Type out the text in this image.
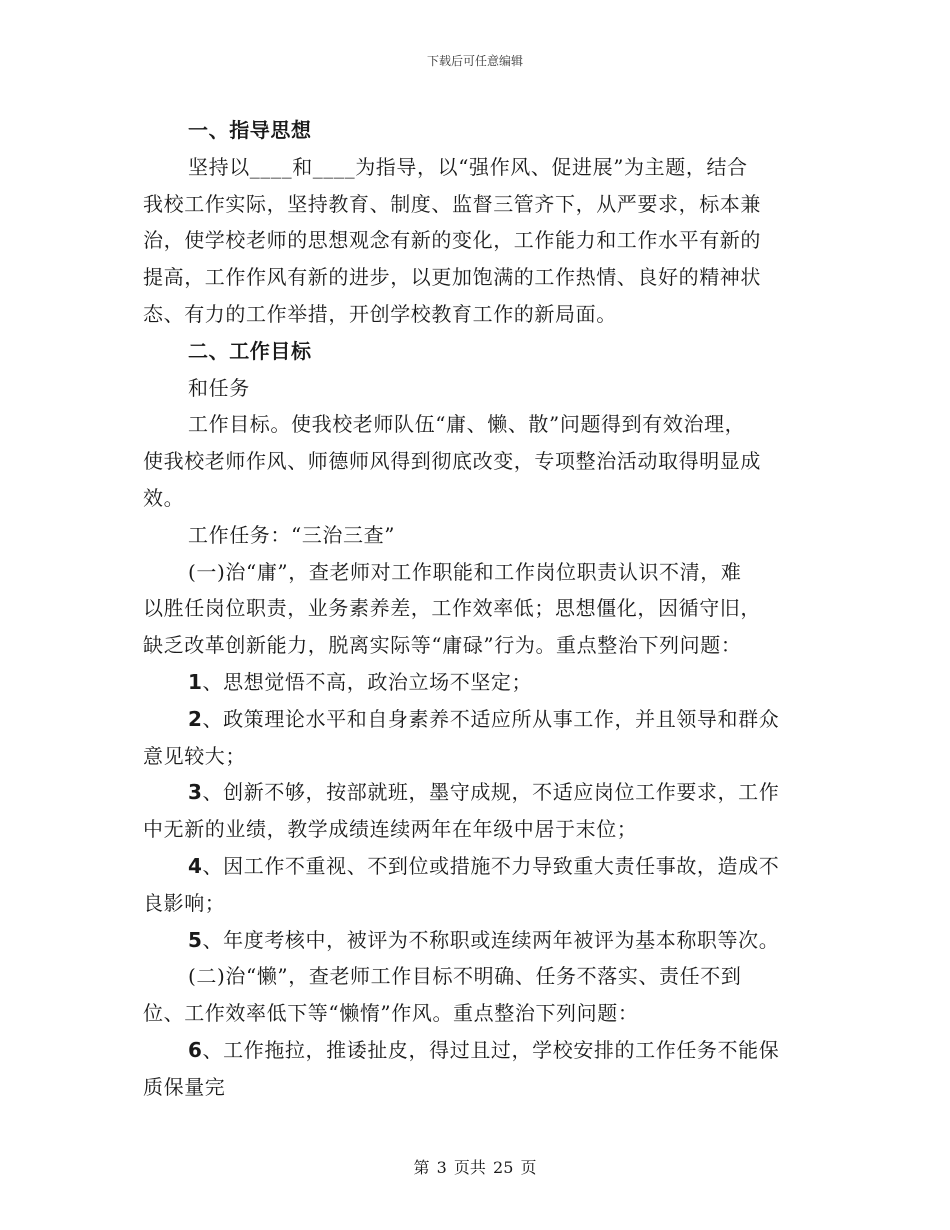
下载后可任意编辑
一、指导思想
坚持以____和____为指导，以“强作风、促进展”为主题，结合
我校工作实际，坚持教育、制度、监督三管齐下，从严要求，标本兼
治，使学校老师的思想观念有新的变化，工作能力和工作水平有新的
提高，工作作风有新的进步，以更加饱满的工作热情、良好的精神状
态、有力的工作举措，开创学校教育工作的新局面。
二、工作目标
和任务
工作目标。使我校老师队伍“庸、懒、散”问题得到有效治理，
使我校老师作风、师德师风得到彻底改变，专项整治活动取得明显成
效。
工作任务：“三治三查”
(一)治“庸”，查老师对工作职能和工作岗位职责认识不清，难
以胜任岗位职责，业务素养差，工作效率低；思想僵化，因循守旧，
缺乏改革创新能力，脱离实际等“庸碌”行为。重点整治下列问题：
1、思想觉悟不高，政治立场不坚定；
2、政策理论水平和自身素养不适应所从事工作，并且领导和群众
意见较大；
3、创新不够，按部就班，墨守成规，不适应岗位工作要求，工作
中无新的业绩，教学成绩连续两年在年级中居于末位；
4、因工作不重视、不到位或措施不力导致重大责任事故，造成不
良影响；
5、年度考核中，被评为不称职或连续两年被评为基本称职等次。
(二)治“懒”，查老师工作目标不明确、任务不落实、责任不到
位、工作效率低下等“懒惰”作风。重点整治下列问题：
6、工作拖拉，推诿扯皮，得过且过，学校安排的工作任务不能保
质保量完
第 3 页共 25 页
